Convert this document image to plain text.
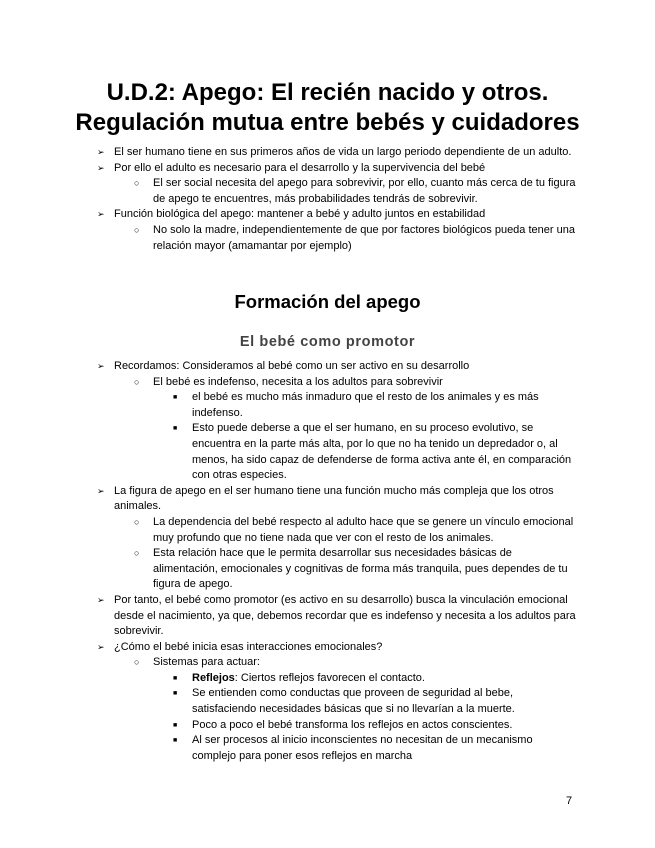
U.D.2: Apego: El recién nacido y otros. Regulación mutua entre bebés y cuidadores
➢ El ser humano tiene en sus primeros años de vida un largo periodo dependiente de un adulto.
➢ Por ello el adulto es necesario para el desarrollo y la supervivencia del bebé
○ El ser social necesita del apego para sobrevivir, por ello, cuanto más cerca de tu figura de apego te encuentres, más probabilidades tendrás de sobrevivir.
➢ Función biológica del apego: mantener a bebé y adulto juntos en estabilidad
○ No solo la madre, independientemente de que por factores biológicos pueda tener una relación mayor (amamantar por ejemplo)
Formación del apego
El bebé como promotor
➢ Recordamos: Consideramos al bebé como un ser activo en su desarrollo
○ El bebé es indefenso, necesita a los adultos para sobrevivir
■ el bebé es mucho más inmaduro que el resto de los animales y es más indefenso.
■ Esto puede deberse a que el ser humano, en su proceso evolutivo, se encuentra en la parte más alta, por lo que no ha tenido un depredador o, al menos, ha sido capaz de defenderse de forma activa ante él, en comparación con otras especies.
➢ La figura de apego en el ser humano tiene una función mucho más compleja que los otros animales.
○ La dependencia del bebé respecto al adulto hace que se genere un vínculo emocional muy profundo que no tiene nada que ver con el resto de los animales.
○ Esta relación hace que le permita desarrollar sus necesidades básicas de alimentación, emocionales y cognitivas de forma más tranquila, pues dependes de tu figura de apego.
➢ Por tanto, el bebé como promotor (es activo en su desarrollo) busca la vinculación emocional desde el nacimiento, ya que, debemos recordar que es indefenso y necesita a los adultos para sobrevivir.
➢ ¿Cómo el bebé inicia esas interacciones emocionales?
○ Sistemas para actuar:
■ Reflejos: Ciertos reflejos favorecen el contacto.
■ Se entienden como conductas que proveen de seguridad al bebe, satisfaciendo necesidades básicas que si no llevarían a la muerte.
■ Poco a poco el bebé transforma los reflejos en actos conscientes.
■ Al ser procesos al inicio inconscientes no necesitan de un mecanismo complejo para poner esos reflejos en marcha
7
